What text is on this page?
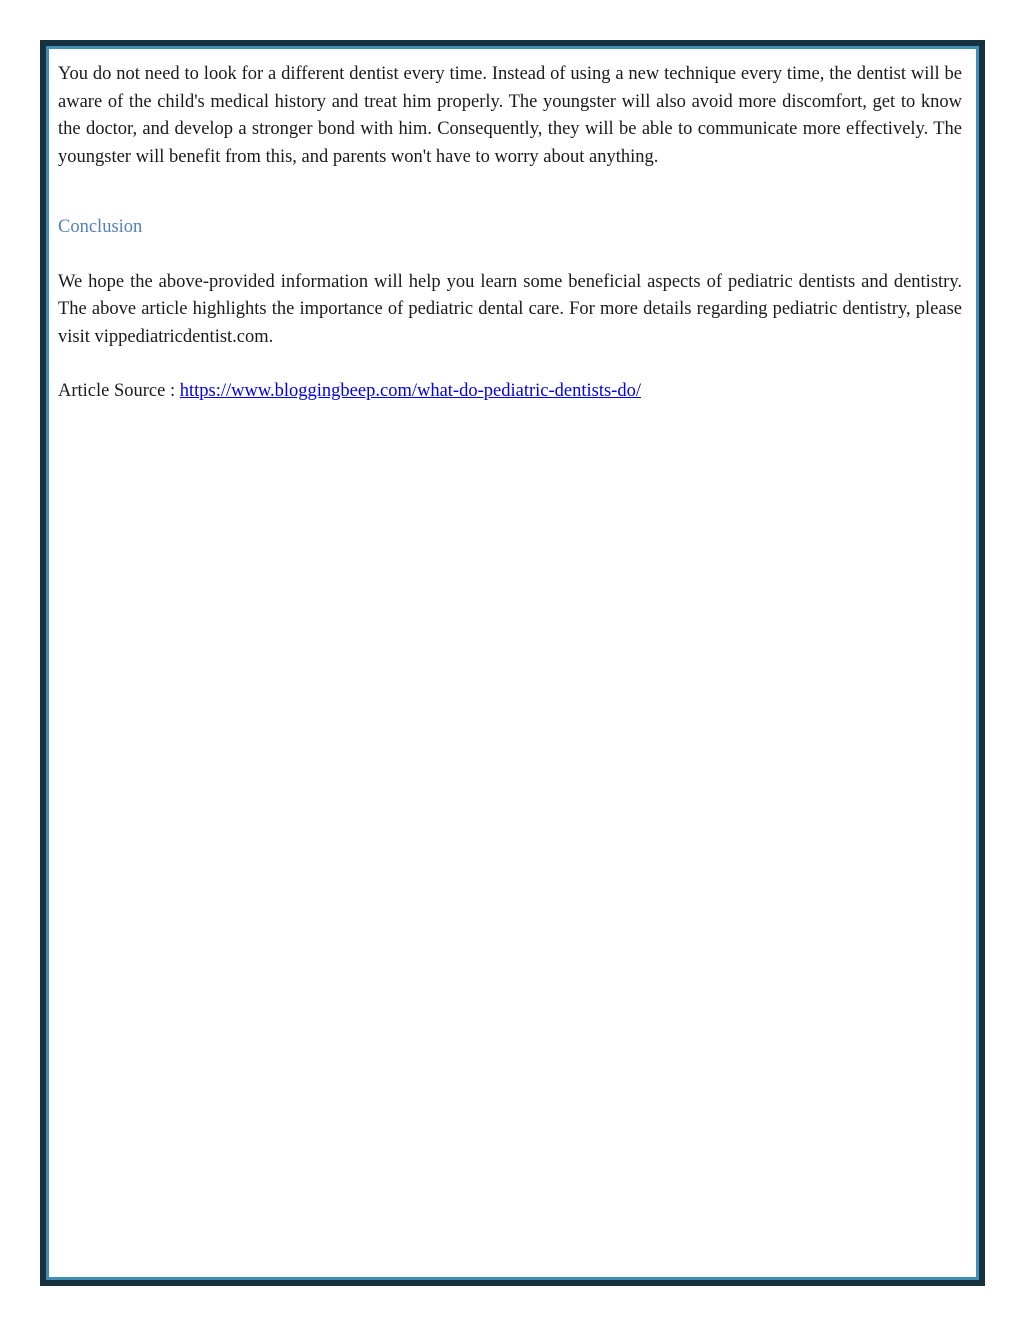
You do not need to look for a different dentist every time. Instead of using a new technique every time, the dentist will be aware of the child's medical history and treat him properly. The youngster will also avoid more discomfort, get to know the doctor, and develop a stronger bond with him. Consequently, they will be able to communicate more effectively. The youngster will benefit from this, and parents won't have to worry about anything.

Conclusion

We hope the above-provided information will help you learn some beneficial aspects of pediatric dentists and dentistry. The above article highlights the importance of pediatric dental care. For more details regarding pediatric dentistry, please visit vippediatricdentist.com.

Article Source : https://www.bloggingbeep.com/what-do-pediatric-dentists-do/
